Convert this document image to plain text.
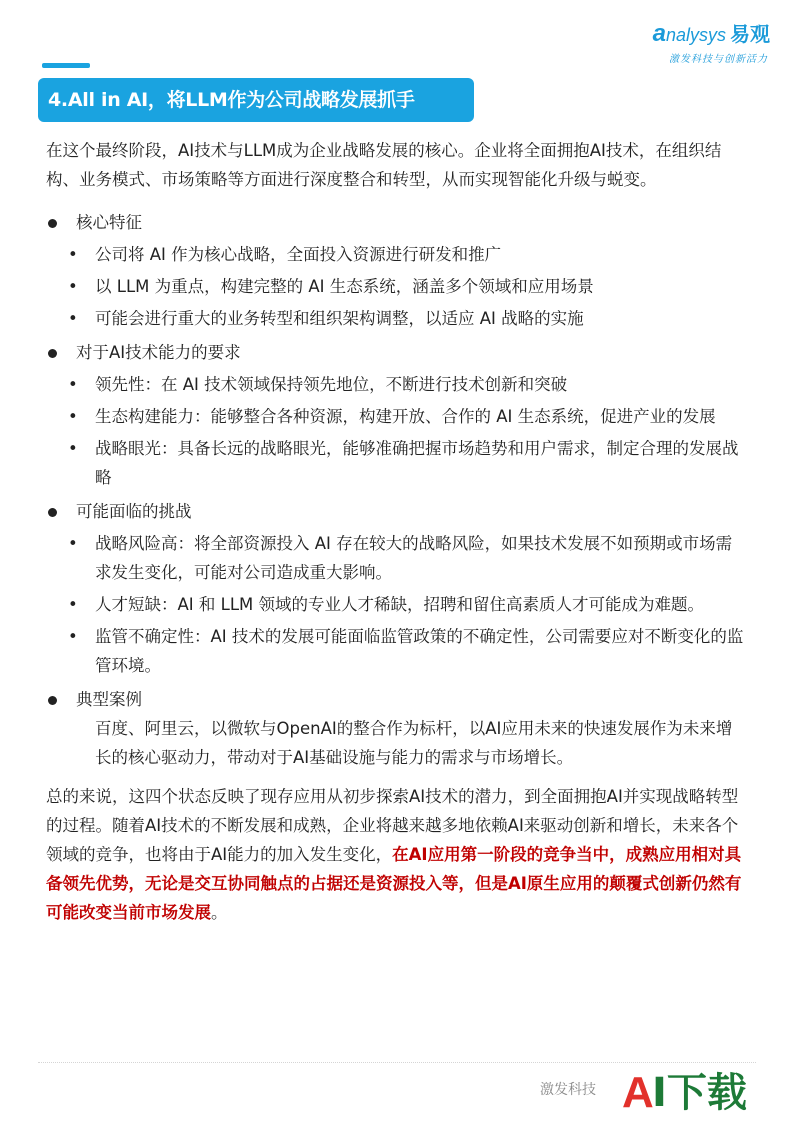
analysys 易观
激发科技与创新活力
4.All in AI，将LLM作为公司战略发展抓手

在这个最终阶段，AI技术与LLM成为企业战略发展的核心。企业将全面拥抱AI技术，在组织结构、业务模式、市场策略等方面进行深度整合和转型，从而实现智能化升级与蜕变。

核心特征
• 公司将 AI 作为核心战略，全面投入资源进行研发和推广
• 以 LLM 为重点，构建完整的 AI 生态系统，涵盖多个领域和应用场景
• 可能会进行重大的业务转型和组织架构调整，以适应 AI 战略的实施
对于AI技术能力的要求
• 领先性：在 AI 技术领域保持领先地位，不断进行技术创新和突破
• 生态构建能力：能够整合各种资源，构建开放、合作的 AI 生态系统，促进产业的发展
• 战略眼光：具备长远的战略眼光，能够准确把握市场趋势和用户需求，制定合理的发展战略
可能面临的挑战
• 战略风险高：将全部资源投入 AI 存在较大的战略风险，如果技术发展不如预期或市场需求发生变化，可能对公司造成重大影响。
• 人才短缺：AI 和 LLM 领域的专业人才稀缺，招聘和留住高素质人才可能成为难题。
• 监管不确定性：AI 技术的发展可能面临监管政策的不确定性，公司需要应对不断变化的监管环境。
典型案例
百度、阿里云，以微软与OpenAI的整合作为标杆，以AI应用未来的快速发展作为未来增长的核心驱动力，带动对于AI基础设施与能力的需求与市场增长。

总的来说，这四个状态反映了现存应用从初步探索AI技术的潜力，到全面拥抱AI并实现战略转型的过程。随着AI技术的不断发展和成熟，企业将越来越多地依赖AI来驱动创新和增长，未来各个领域的竞争，也将由于AI能力的加入发生变化，在AI应用第一阶段的竞争当中，成熟应用相对具备领先优势，无论是交互协同触点的占据还是资源投入等，但是AI原生应用的颠覆式创新仍然有可能改变当前市场发展。

激发科技 A
I下载
